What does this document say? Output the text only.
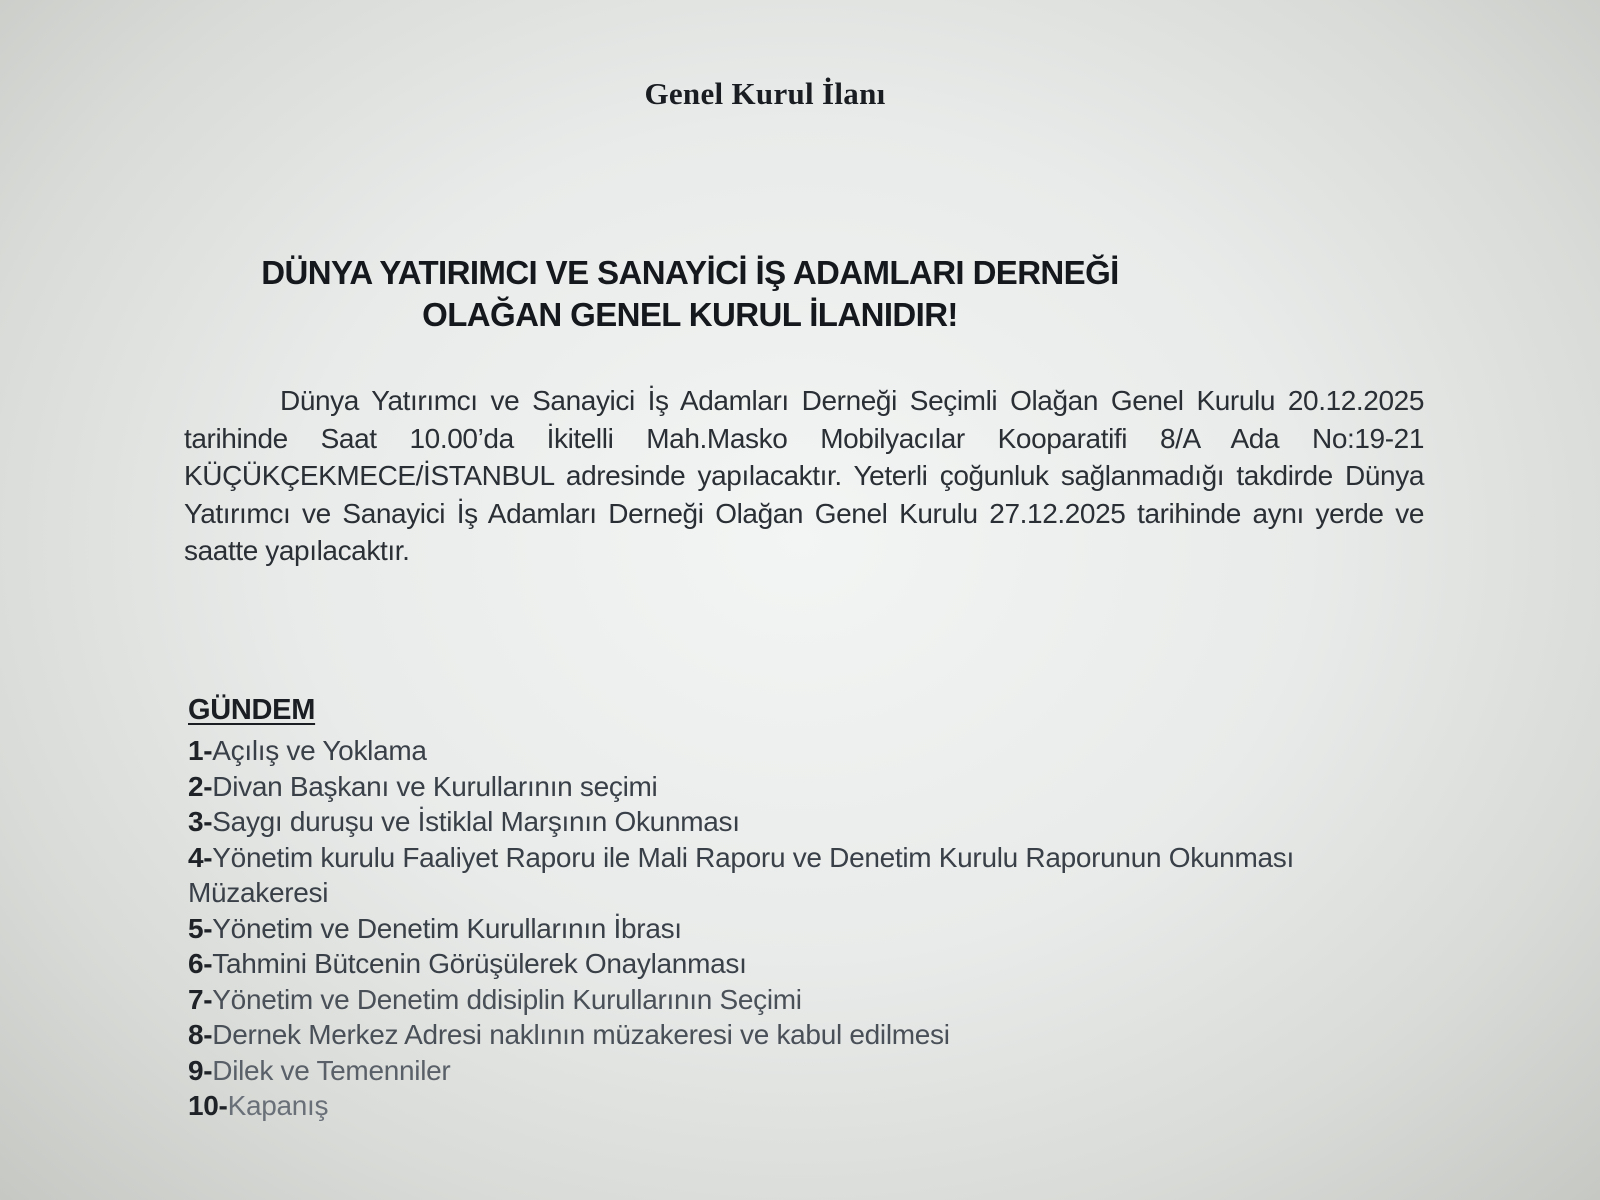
Genel Kurul İlanı
DÜNYA YATIRIMCI VE SANAYİCİ İŞ ADAMLARI DERNEĞİ
OLAĞAN GENEL KURUL İLANIDIR!
Dünya Yatırımcı ve Sanayici İş Adamları Derneği Seçimli Olağan Genel Kurulu 20.12.2025 tarihinde Saat 10.00’da İkitelli Mah.Masko Mobilyacılar Kooparatifi 8/A Ada No:19-21 KÜÇÜKÇEKMECE/İSTANBUL adresinde yapılacaktır. Yeterli çoğunluk sağlanmadığı takdirde Dünya Yatırımcı ve Sanayici İş Adamları Derneği Olağan Genel Kurulu 27.12.2025 tarihinde aynı yerde ve saatte yapılacaktır.
GÜNDEM
1-Açılış ve Yoklama
2-Divan Başkanı ve Kurullarının seçimi
3-Saygı duruşu ve İstiklal Marşının Okunması
4-Yönetim kurulu Faaliyet Raporu ile Mali Raporu ve Denetim Kurulu Raporunun Okunması Müzakeresi
5-Yönetim ve Denetim Kurullarının İbrası
6-Tahmini Bütcenin Görüşülerek Onaylanması
7-Yönetim ve Denetim ddisiplin Kurullarının Seçimi
8-Dernek Merkez Adresi naklının müzakeresi ve kabul edilmesi
9-Dilek ve Temenniler
10-Kapanış
